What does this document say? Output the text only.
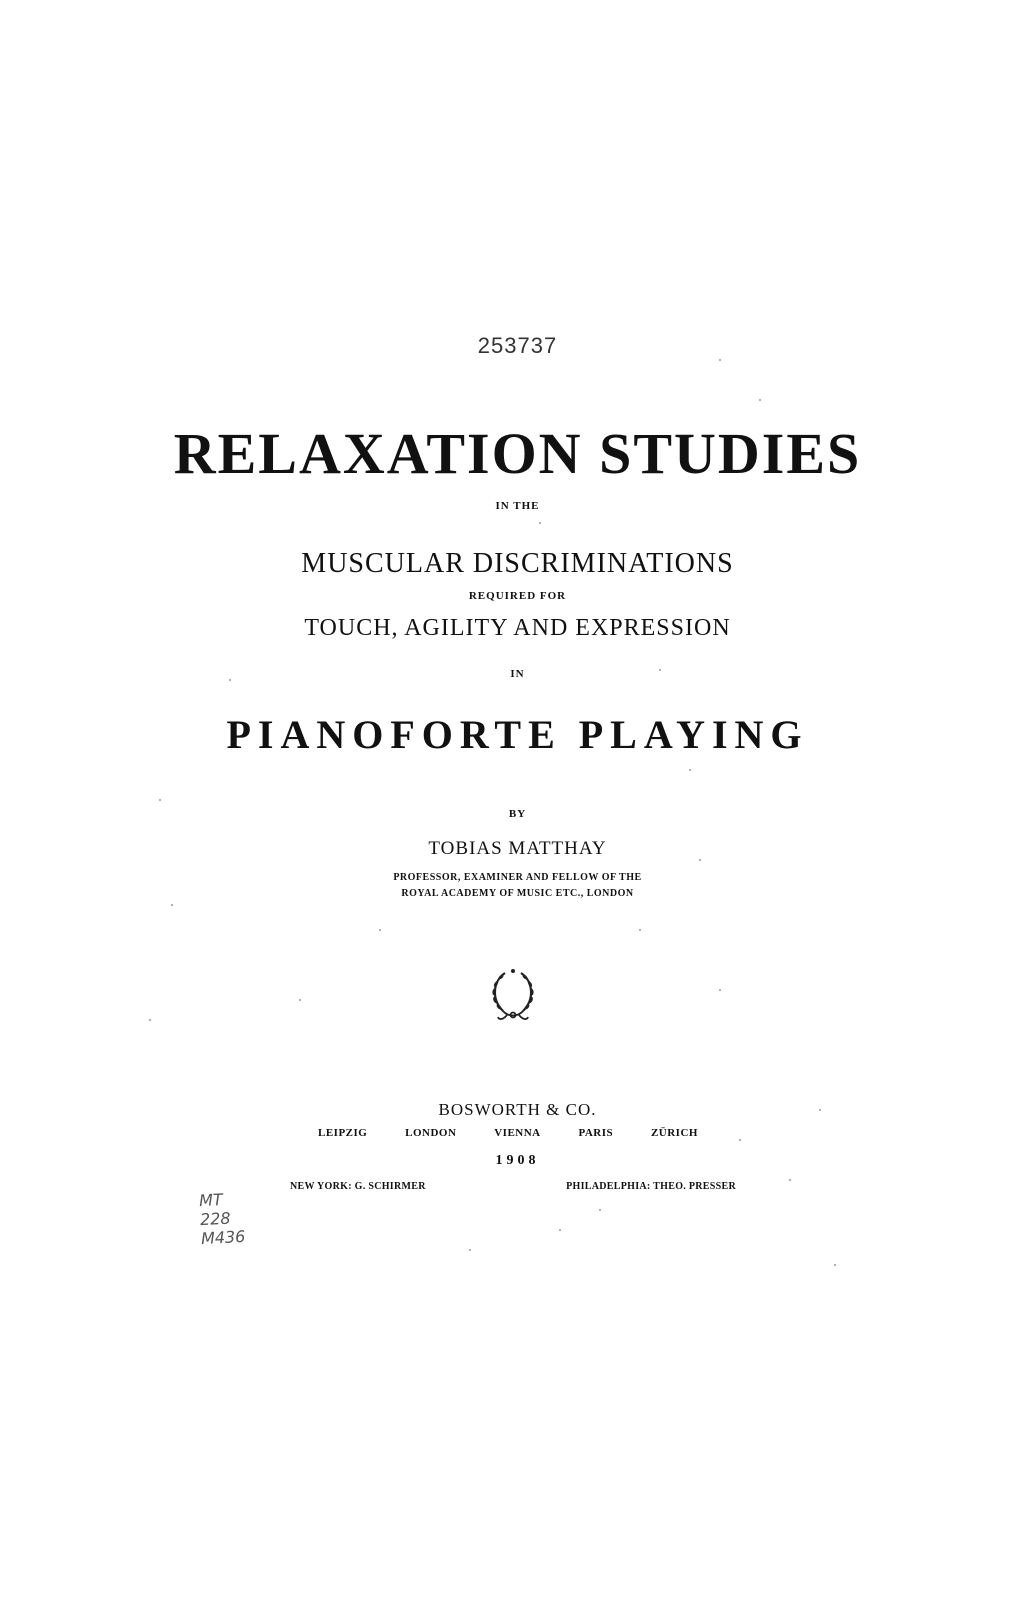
253737

RELAXATION STUDIES

IN THE

MUSCULAR DISCRIMINATIONS

REQUIRED FOR

TOUCH, AGILITY AND EXPRESSION

IN

PIANOFORTE PLAYING

BY

TOBIAS MATTHAY

PROFESSOR, EXAMINER AND FELLOW OF THE

ROYAL ACADEMY OF MUSIC ETC., LONDON

BOSWORTH & CO.

LEIPZIG	LONDON	VIENNA	PARIS	ZÜRICH

1908

NEW YORK: G. SCHIRMER	PHILADELPHIA: THEO. PRESSER
MT
228
M436
